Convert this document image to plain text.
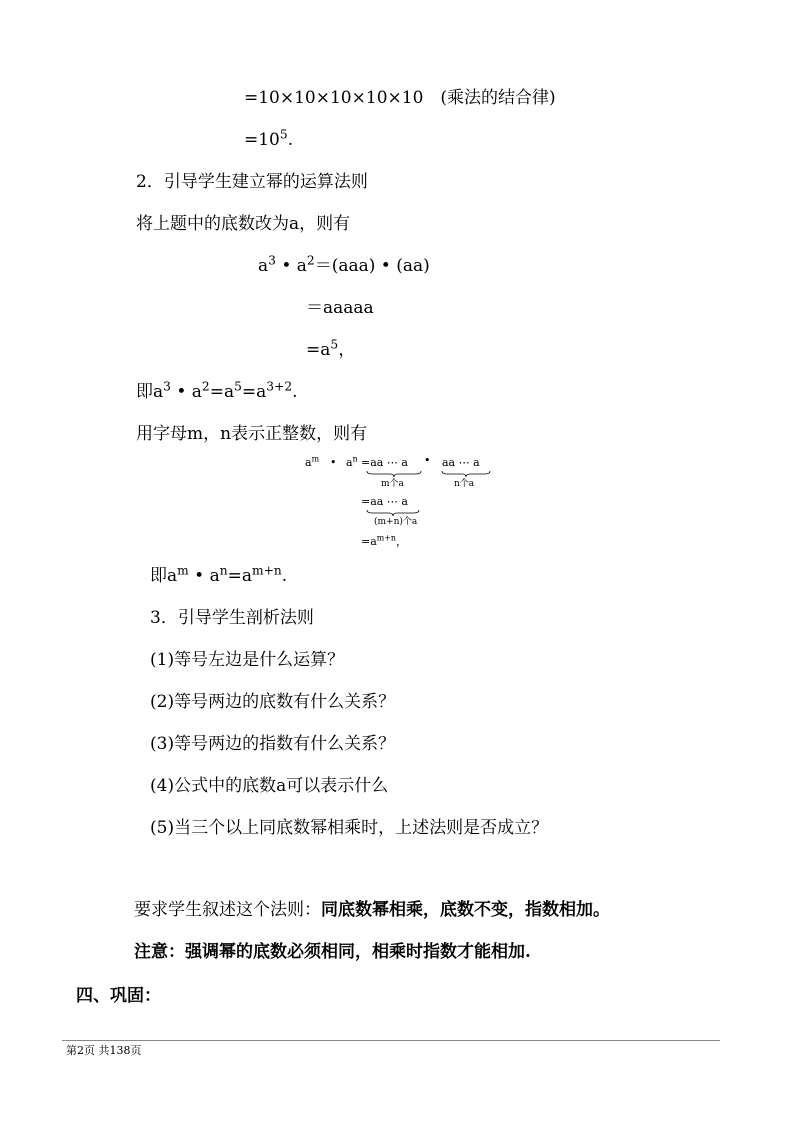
=10×10×10×10×10　(乘法的结合律)
$=10^5$.
2．引导学生建立幂的运算法则
将上题中的底数改为a，则有
$a^3$ • $a^2=(aaa)$ • (aa)
＝aaaaa
$=a^5$，
即$a^3$ • $a^2=a^5=a^{3+2}$.
用字母m，n表示正整数，则有
$a^m$ • $a^n =aa$ ⋯ a • aa ⋯ a
m个a	n个a
=aa ⋯ a
(m+n)个a
$=a^{m+n}$，
即$a^m$ • $a^n=a^{m+n}$.
3．引导学生剖析法则
(1)等号左边是什么运算？
(2)等号两边的底数有什么关系？
(3)等号两边的指数有什么关系？
(4)公式中的底数a可以表示什么
(5)当三个以上同底数幂相乘时，上述法则是否成立？
要求学生叙述这个法则：同底数幂相乘，底数不变，指数相加。
注意：强调幂的底数必须相同，相乘时指数才能相加.
四、巩固：
第2页 共138页
